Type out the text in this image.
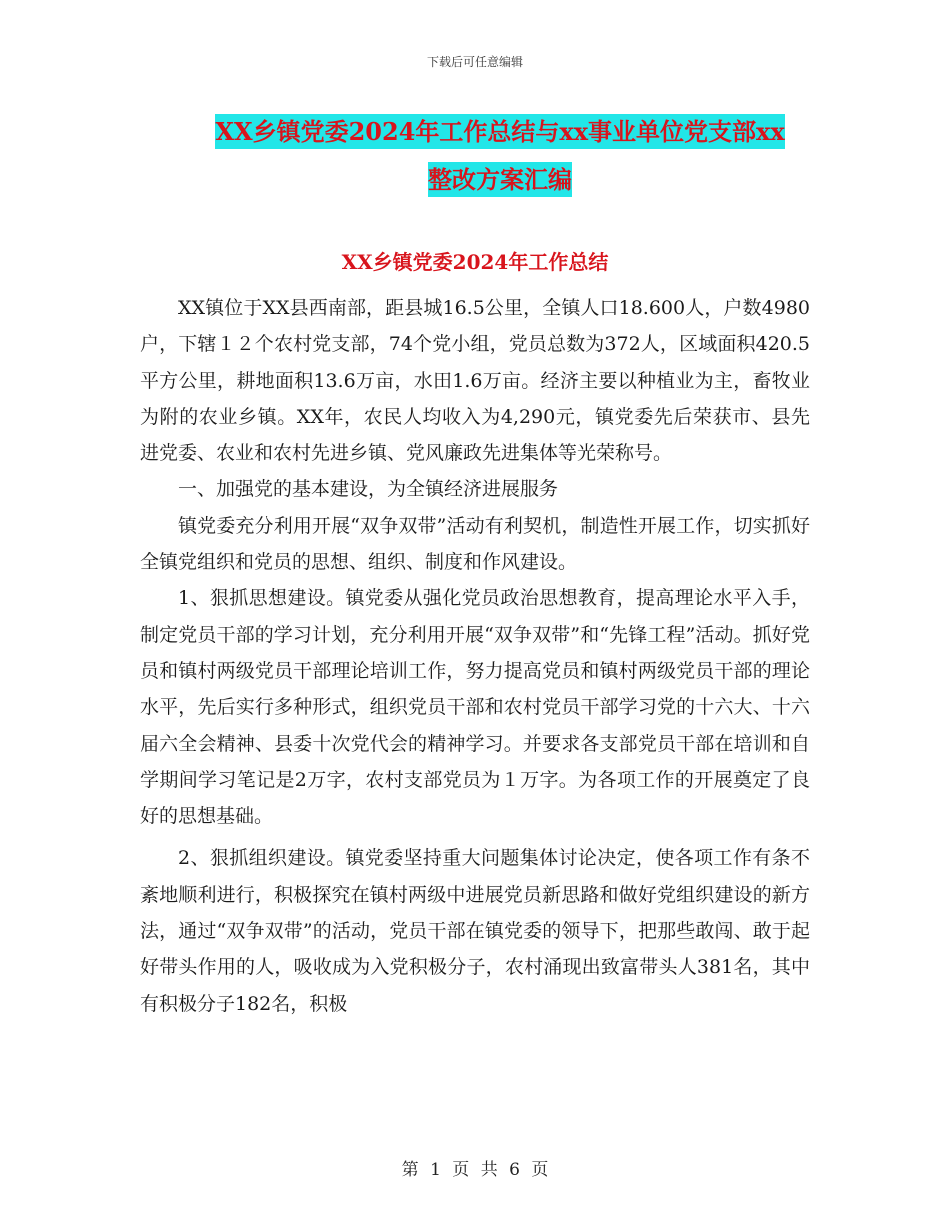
下载后可任意编辑
XX乡镇党委2024年工作总结与xx事业单位党支部xx
整改方案汇编
XX乡镇党委2024年工作总结

XX镇位于XX县西南部，距县城16.5公里，全镇人口18.600人，户数4980户，下辖１２个农村党支部，74个党小组，党员总数为372人，区域面积420.5平方公里，耕地面积13.6万亩，水田1.6万亩。经济主要以种植业为主，畜牧业为附的农业乡镇。XX年，农民人均收入为4,290元，镇党委先后荣获市、县先进党委、农业和农村先进乡镇、党风廉政先进集体等光荣称号。

一、加强党的基本建设，为全镇经济进展服务

镇党委充分利用开展“双争双带”活动有利契机，制造性开展工作，切实抓好全镇党组织和党员的思想、组织、制度和作风建设。

1、狠抓思想建设。镇党委从强化党员政治思想教育，提高理论水平入手，制定党员干部的学习计划，充分利用开展“双争双带”和“先锋工程”活动。抓好党员和镇村两级党员干部理论培训工作，努力提高党员和镇村两级党员干部的理论水平，先后实行多种形式，组织党员干部和农村党员干部学习党的十六大、十六届六全会精神、县委十次党代会的精神学习。并要求各支部党员干部在培训和自学期间学习笔记是2万字，农村支部党员为１万字。为各项工作的开展奠定了良好的思想基础。

2、狠抓组织建设。镇党委坚持重大问题集体讨论决定，使各项工作有条不紊地顺利进行，积极探究在镇村两级中进展党员新思路和做好党组织建设的新方法，通过“双争双带”的活动，党员干部在镇党委的领导下，把那些敢闯、敢于起好带头作用的人，吸收成为入党积极分子，农村涌现出致富带头人381名，其中有积极分子182名，积极

第 1 页 共 6 页
